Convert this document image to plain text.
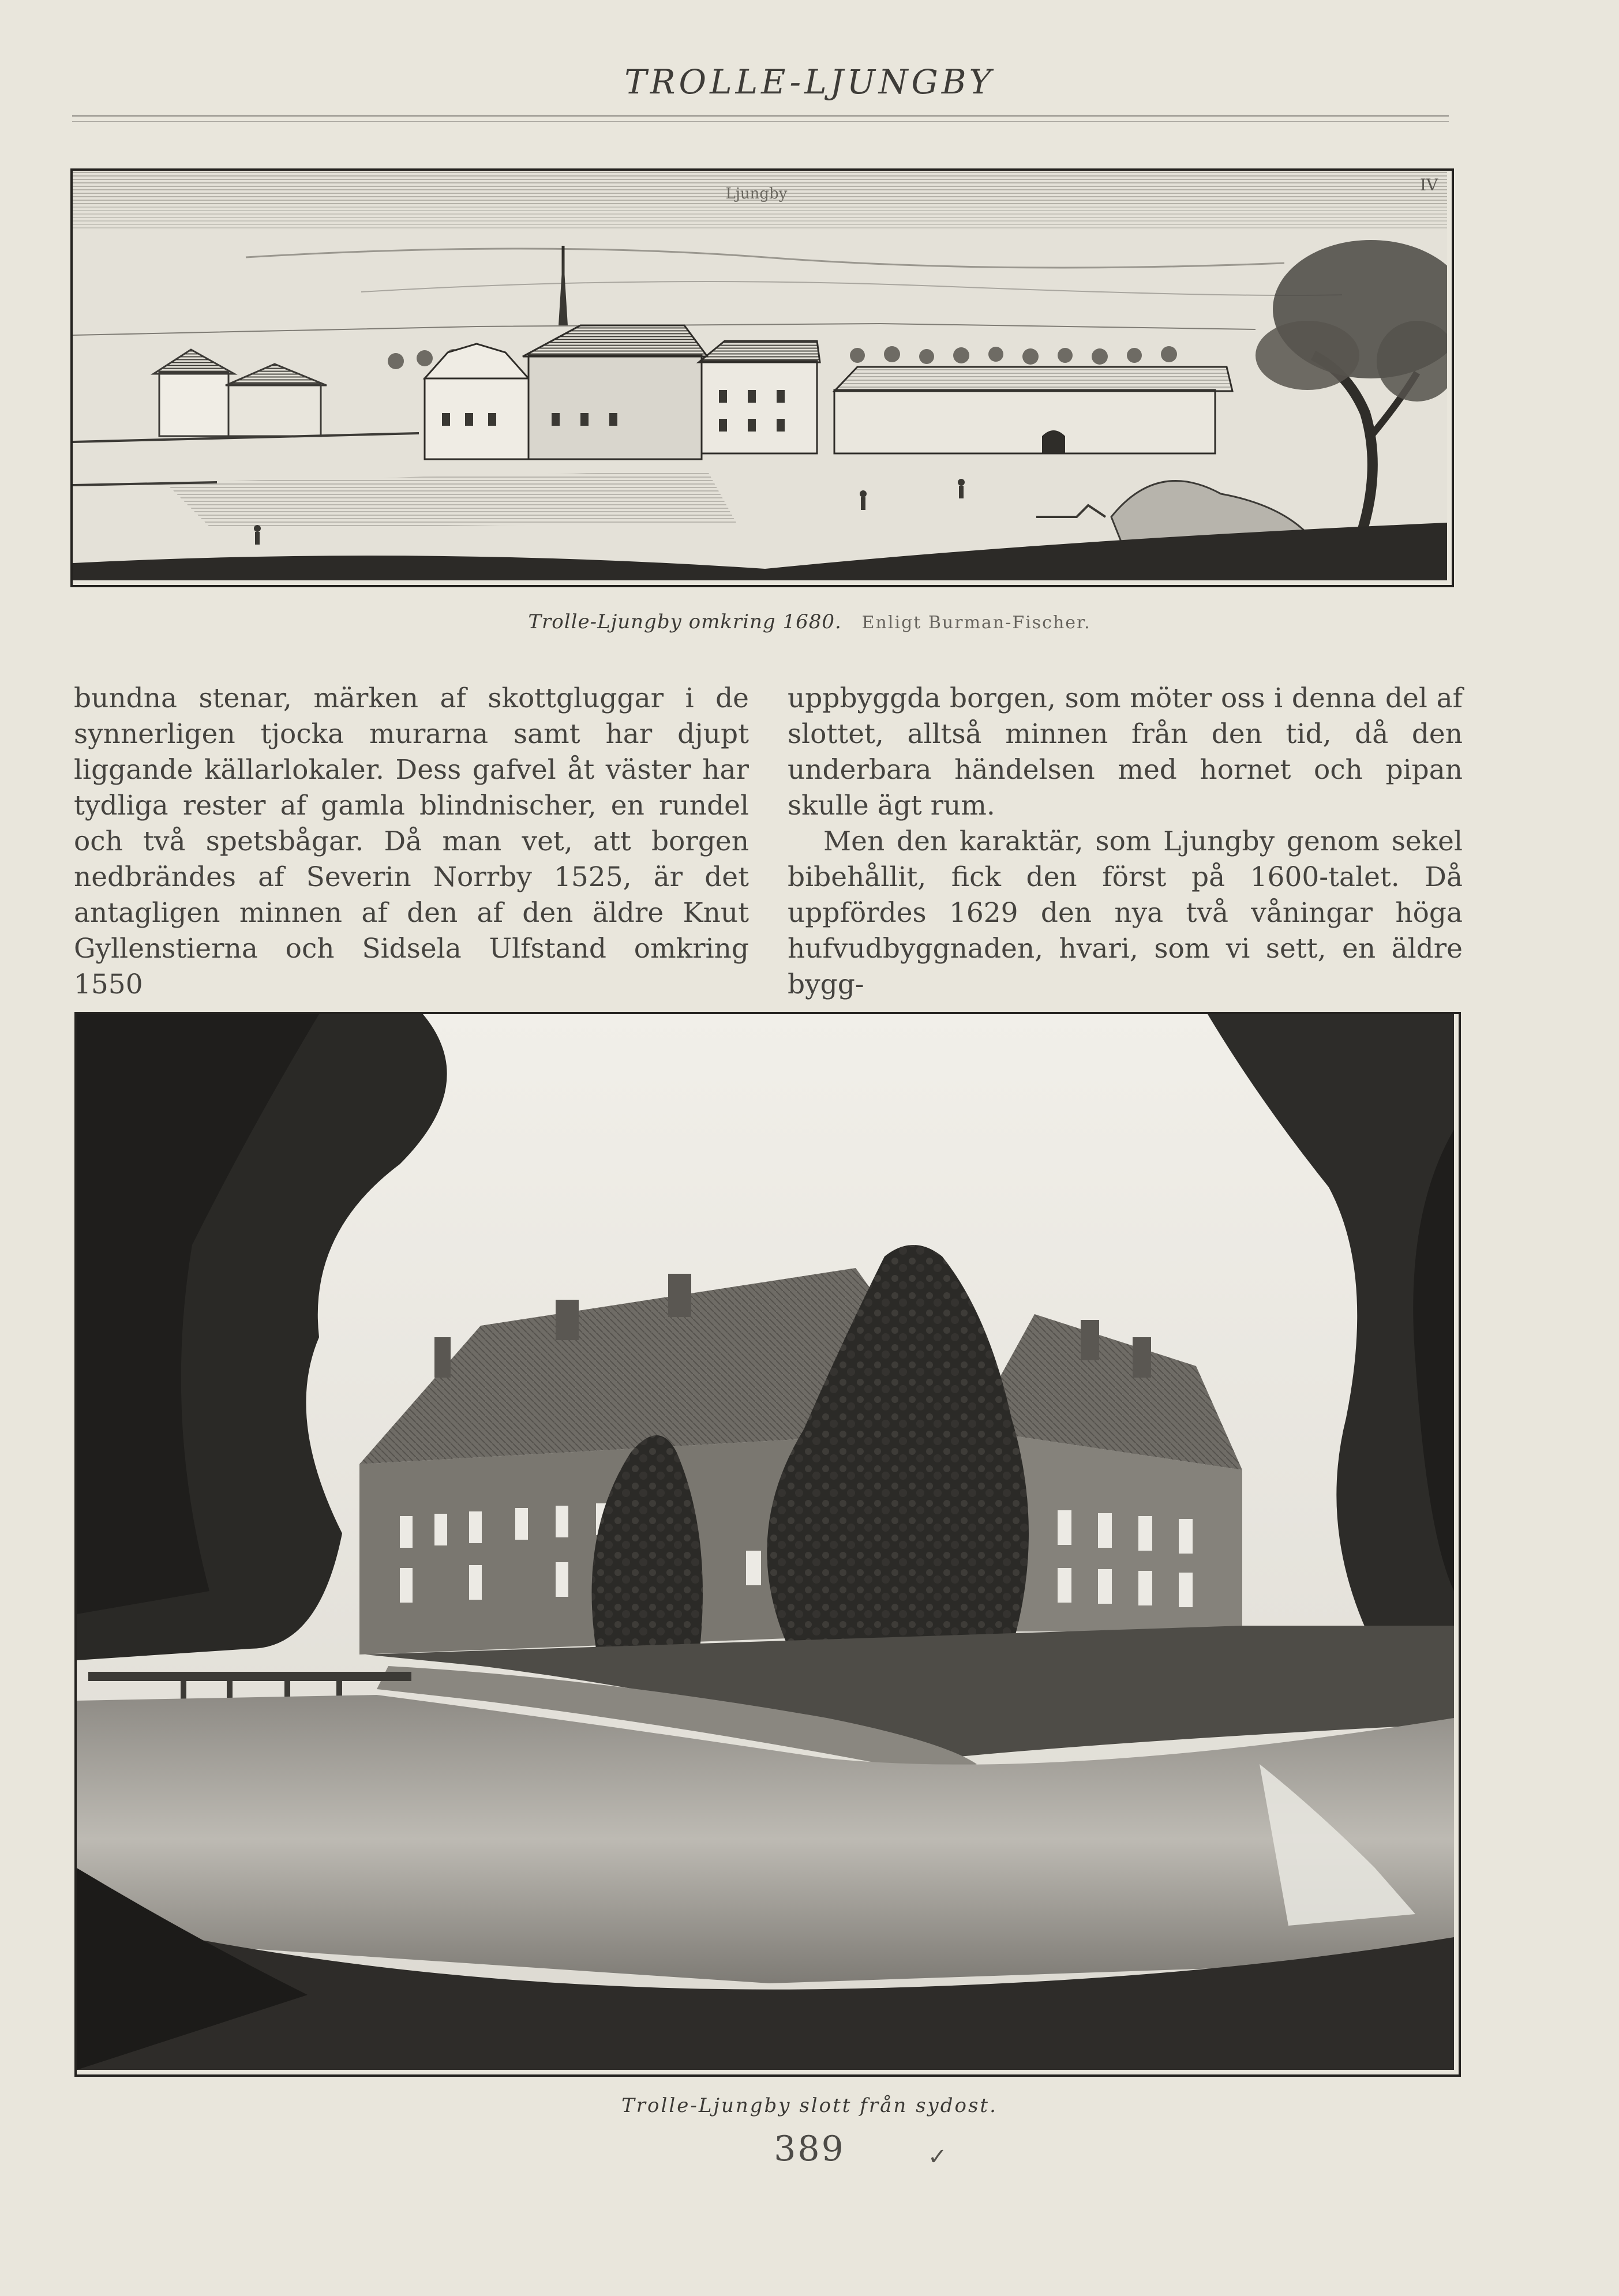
TROLLE-LJUNGBY
Ljungby	IV
Trolle-Ljungby omkring 1680. Enligt Burman-Fischer.

bundna stenar, märken af skottgluggar i de synnerligen tjocka murarna samt har djupt liggande källarlokaler. Dess gafvel åt väster har tydliga rester af gamla blindnischer, en rundel och två spetsbågar. Då man vet, att borgen nedbrändes af Severin Norrby 1525, är det antagligen minnen af den af den äldre Knut Gyllenstierna och Sidsela Ulfstand omkring 1550

uppbyggda borgen, som möter oss i denna del af slottet, alltså minnen från den tid, då den underbara händelsen med hornet och pipan skulle ägt rum.

Men den karaktär, som Ljungby genom sekel bibehållit, fick den först på 1600-talet. Då uppfördes 1629 den nya två våningar höga hufvudbyggnaden, hvari, som vi sett, en äldre bygg-

Trolle-Ljungby slott från sydost.
389	✓
